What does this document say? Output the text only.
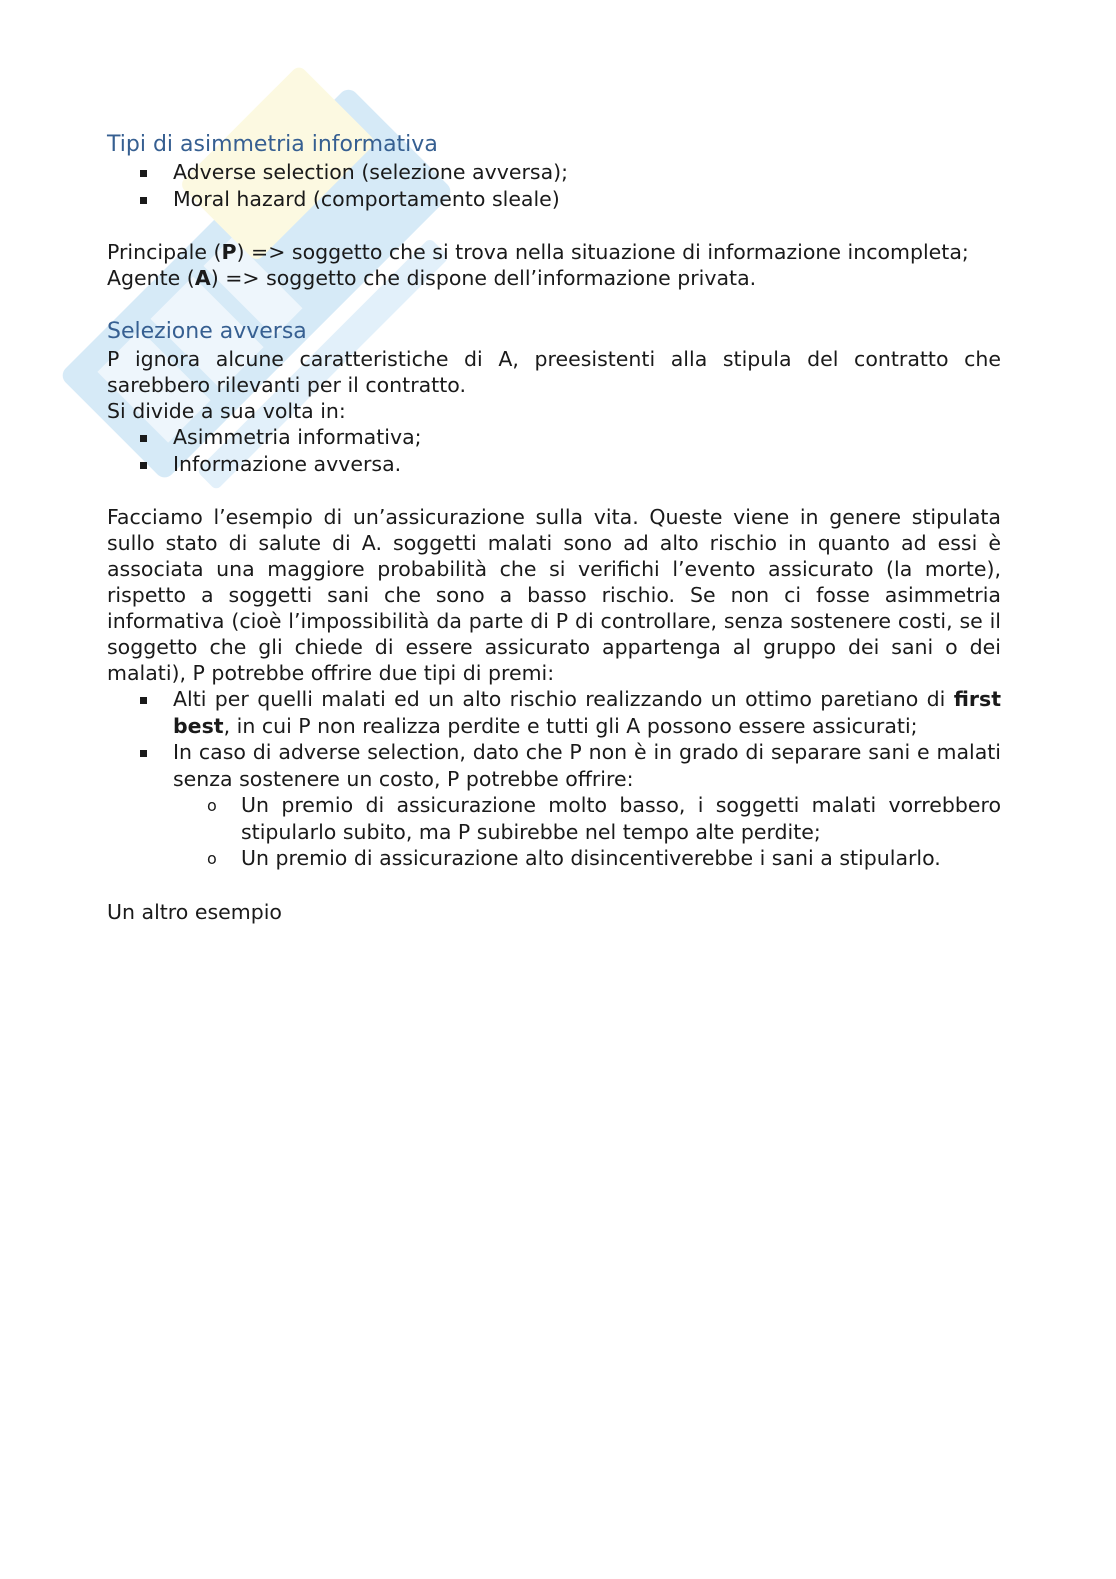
Tipi di asimmetria informativa
Adverse selection (selezione avversa);
Moral hazard (comportamento sleale)

Principale (P) => soggetto che si trova nella situazione di informazione incompleta;

Agente (A) => soggetto che dispone dell’informazione privata.

Selezione avversa

P ignora alcune caratteristiche di A, preesistenti alla stipula del contratto che sarebbero rilevanti per il contratto.

Si divide a sua volta in:

Asimmetria informativa;
Informazione avversa.

Facciamo l’esempio di un’assicurazione sulla vita. Queste viene in genere stipulata sullo stato di salute di A. soggetti malati sono ad alto rischio in quanto ad essi è associata una maggiore probabilità che si verifichi l’evento assicurato (la morte), rispetto a soggetti sani che sono a basso rischio. Se non ci fosse asimmetria informativa (cioè l’impossibilità da parte di P di controllare, senza sostenere costi, se il soggetto che gli chiede di essere assicurato appartenga al gruppo dei sani o dei malati), P potrebbe offrire due tipi di premi:

Alti per quelli malati ed un alto rischio realizzando un ottimo paretiano di first best, in cui P non realizza perdite e tutti gli A possono essere assicurati;
In caso di adverse selection, dato che P non è in grado di separare sani e malati senza sostenere un costo, P potrebbe offrire:
o Un premio di assicurazione molto basso, i soggetti malati vorrebbero stipularlo subito, ma P subirebbe nel tempo alte perdite;
o Un premio di assicurazione alto disincentiverebbe i sani a stipularlo.

Un altro esempio
